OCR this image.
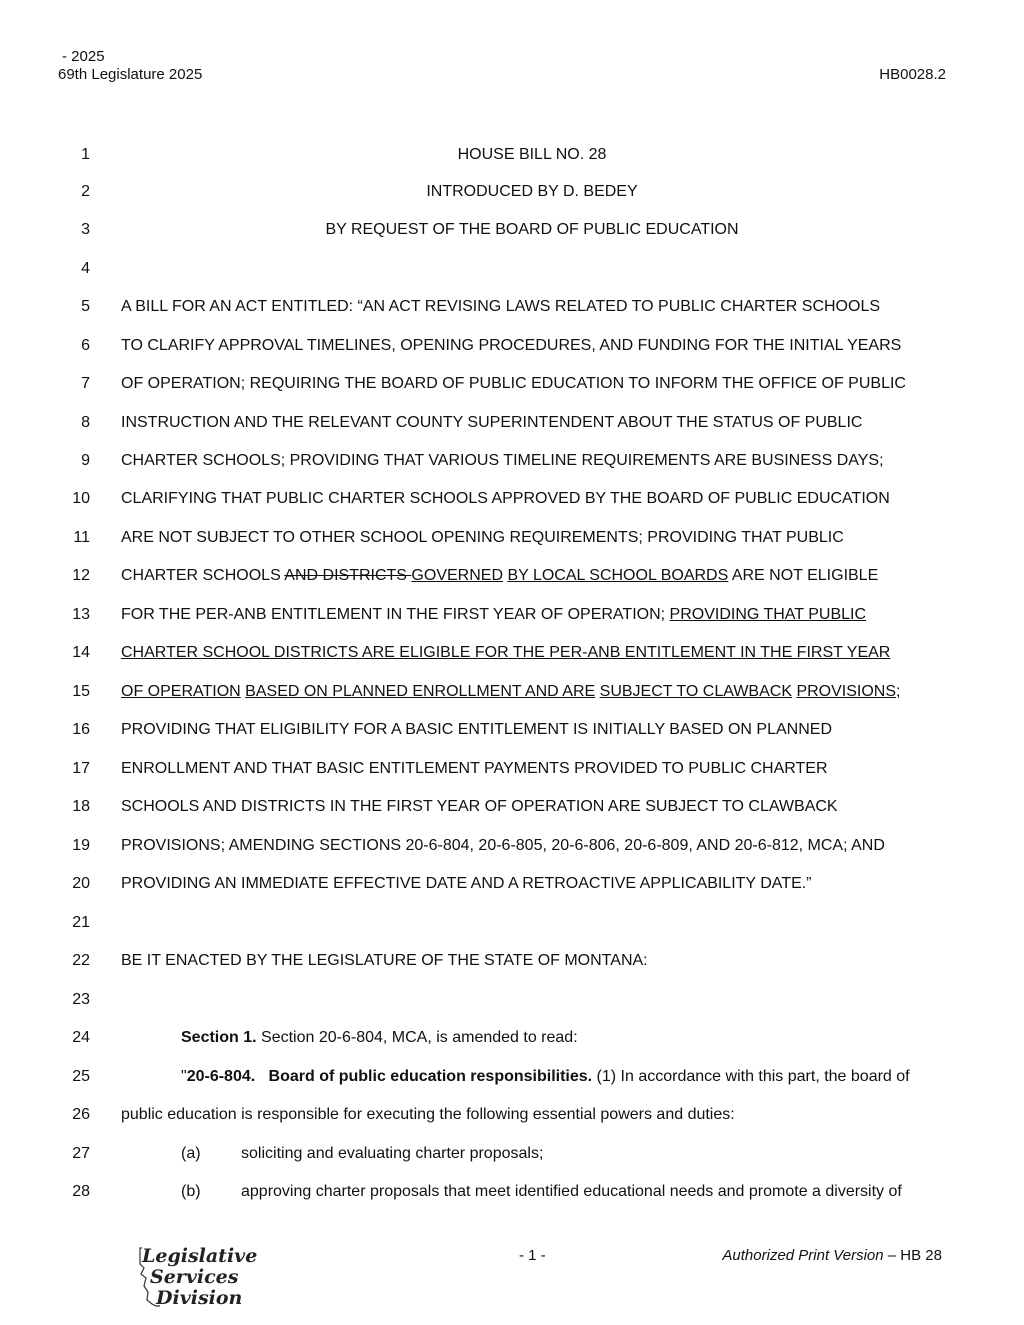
- 2025
69th Legislature 2025	HB0028.2
1	HOUSE BILL NO. 28
2	INTRODUCED BY D. BEDEY
3	BY REQUEST OF THE BOARD OF PUBLIC EDUCATION
4
5 A BILL FOR AN ACT ENTITLED: “AN ACT REVISING LAWS RELATED TO PUBLIC CHARTER SCHOOLS
6 TO CLARIFY APPROVAL TIMELINES, OPENING PROCEDURES, AND FUNDING FOR THE INITIAL YEARS
7 OF OPERATION; REQUIRING THE BOARD OF PUBLIC EDUCATION TO INFORM THE OFFICE OF PUBLIC
8 INSTRUCTION AND THE RELEVANT COUNTY SUPERINTENDENT ABOUT THE STATUS OF PUBLIC
9 CHARTER SCHOOLS; PROVIDING THAT VARIOUS TIMELINE REQUIREMENTS ARE BUSINESS DAYS;
10 CLARIFYING THAT PUBLIC CHARTER SCHOOLS APPROVED BY THE BOARD OF PUBLIC EDUCATION
11 ARE NOT SUBJECT TO OTHER SCHOOL OPENING REQUIREMENTS; PROVIDING THAT PUBLIC
12 CHARTER SCHOOLS AND DISTRICTS GOVERNED BY LOCAL SCHOOL BOARDS ARE NOT ELIGIBLE
13 FOR THE PER-ANB ENTITLEMENT IN THE FIRST YEAR OF OPERATION; PROVIDING THAT PUBLIC
14 CHARTER SCHOOL DISTRICTS ARE ELIGIBLE FOR THE PER-ANB ENTITLEMENT IN THE FIRST YEAR
15 OF OPERATION BASED ON PLANNED ENROLLMENT AND ARE SUBJECT TO CLAWBACK PROVISIONS;
16 PROVIDING THAT ELIGIBILITY FOR A BASIC ENTITLEMENT IS INITIALLY BASED ON PLANNED
17 ENROLLMENT AND THAT BASIC ENTITLEMENT PAYMENTS PROVIDED TO PUBLIC CHARTER
18 SCHOOLS AND DISTRICTS IN THE FIRST YEAR OF OPERATION ARE SUBJECT TO CLAWBACK
19 PROVISIONS; AMENDING SECTIONS 20-6-804, 20-6-805, 20-6-806, 20-6-809, AND 20-6-812, MCA; AND
20 PROVIDING AN IMMEDIATE EFFECTIVE DATE AND A RETROACTIVE APPLICABILITY DATE.”
21
22 BE IT ENACTED BY THE LEGISLATURE OF THE STATE OF MONTANA:
23
24	Section 1. Section 20-6-804, MCA, is amended to read:
25	"20-6-804.   Board of public education responsibilities. (1) In accordance with this part, the board of
26 public education is responsible for executing the following essential powers and duties:
27	(a)	soliciting and evaluating charter proposals;
28	(b)	approving charter proposals that meet identified educational needs and promote a diversity of
Legislative
Services
Division
- 1 -	Authorized Print Version – HB 28
